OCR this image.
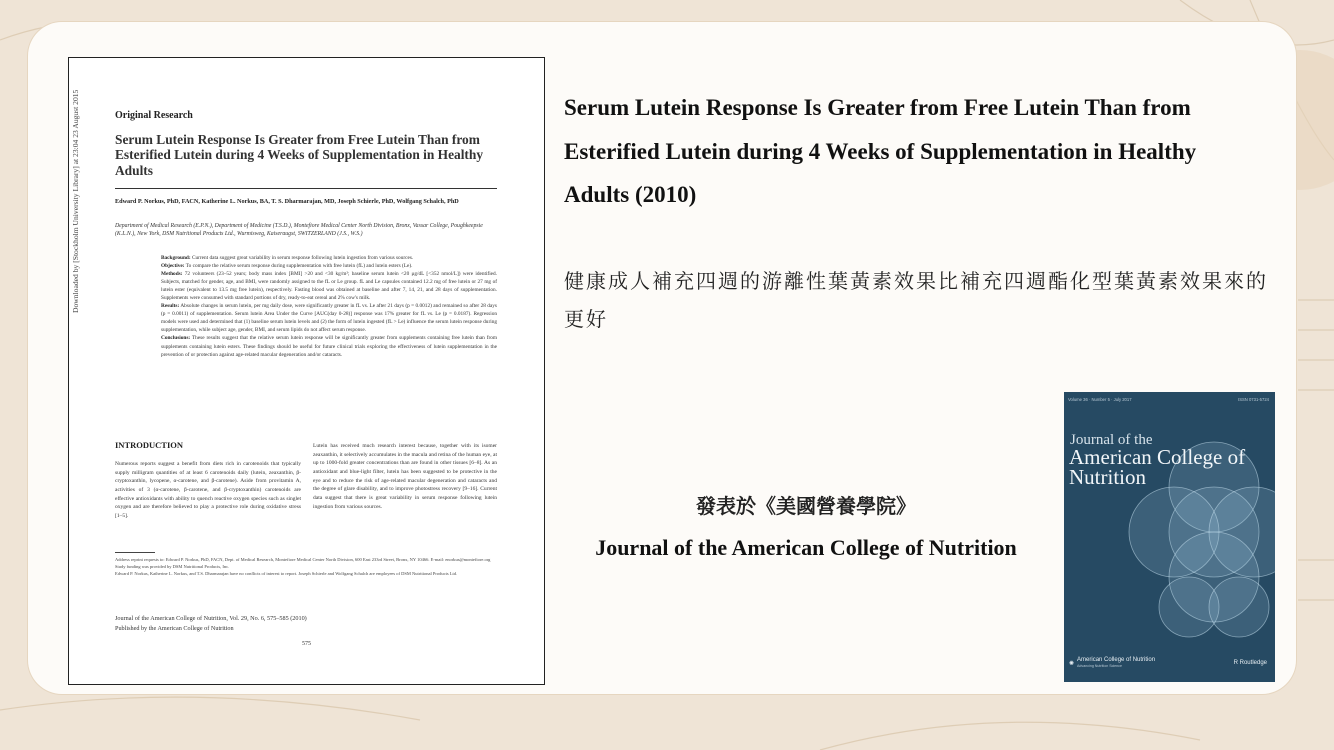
Downloaded by [Stockholm University Library] at 23:04 23 August 2015	Original Research
Serum Lutein Response Is Greater from Free Lutein Than from Esterified Lutein during 4 Weeks of Supplementation in Healthy Adults
Edward P. Norkus, PhD, FACN, Katherine L. Norkus, BA, T. S. Dharmarajan, MD, Joseph Schierle, PhD, Wolfgang Schalch, PhD
Department of Medical Research (E.P.N.), Department of Medicine (T.S.D.), Montefiore Medical Center North Division, Bronx, Vassar College, Poughkeepsie (K.L.N.), New York, DSM Nutritional Products Ltd., Wurmisweg, Kaiseraugst, SWITZERLAND (J.S., W.S.)

Background: Current data suggest great variability in serum response following lutein ingestion from various sources.

Objective: To compare the relative serum response during supplementation with free lutein (fL) and lutein esters (Le).

Methods: 72 volunteers (23–52 years; body mass index [BMI] >20 and <30 kg/m²; baseline serum lutein <20 μg/dL [<352 nmol/L]) were identified. Subjects, matched for gender, age, and BMI, were randomly assigned to the fL or Le group. fL and Le capsules contained 12.2 mg of free lutein or 27 mg of lutein ester (equivalent to 13.5 mg free lutein), respectively. Fasting blood was obtained at baseline and after 7, 14, 21, and 28 days of supplementation. Supplements were consumed with standard portions of dry, ready-to-eat cereal and 2% cow's milk.

Results: Absolute changes in serum lutein, per mg daily dose, were significantly greater in fL vs. Le after 21 days (p = 0.0012) and remained so after 28 days (p = 0.0011) of supplementation. Serum lutein Area Under the Curve [AUC(day 0-28)] response was 17% greater for fL vs. Le (p = 0.0187). Regression models were used and determined that (1) baseline serum lutein levels and (2) the form of lutein ingested (fL > Le) influence the serum lutein response during supplementation, while subject age, gender, BMI, and serum lipids do not affect serum response.

Conclusions: These results suggest that the relative serum lutein response will be significantly greater from supplements containing free lutein than from supplements containing lutein esters. These findings should be useful for future clinical trials exploring the effectiveness of lutein supplementation in the prevention of or protection against age-related macular degeneration and/or cataracts.

INTRODUCTION
Numerous reports suggest a benefit from diets rich in carotenoids that typically supply milligram quantities of at least 6 carotenoids daily (lutein, zeaxanthin, β-cryptoxanthin, lycopene, α-carotene, and β-carotene). Aside from provitamin A, activities of 3 (α-carotene, β-carotene, and β-cryptoxanthin) carotenoids are effective antioxidants with ability to quench reactive oxygen species such as singlet oxygen and are therefore believed to play a protective role during oxidative stress [1–5].
Lutein has received much research interest because, together with its isomer zeaxanthin, it selectively accumulates in the macula and retina of the human eye, at up to 1000-fold greater concentrations than are found in other tissues [6–8]. As an antioxidant and blue-light filter, lutein has been suggested to be protective in the eye and to reduce the risk of age-related macular degeneration and cataracts and the degree of glare disability, and to improve photostress recovery [9–16]. Current data suggest that there is great variability in serum response following lutein ingestion from various sources.
Address reprint requests to: Edward P. Norkus, PhD, FACN, Dept. of Medical Research, Montefiore Medical Center North Division, 600 East 233rd Street, Bronx, NY 10466. E-mail: enorkus@montefiore.org
Study funding was provided by DSM Nutritional Products, Inc.
Edward P. Norkus, Katherine L. Norkus, and T.S. Dharmarajan have no conflicts of interest to report. Joseph Schierle and Wolfgang Schalch are employees of DSM Nutritional Products Ltd.
Journal of the American College of Nutrition, Vol. 29, No. 6, 575–585 (2010)
Published by the American College of Nutrition
575

Serum Lutein Response Is Greater from Free Lutein Than from Esterified Lutein during 4 Weeks of Supplementation in Healthy Adults (2010)

健康成人補充四週的游離性葉黃素效果比補充四週酯化型葉黃素效果來的更好

發表於《美國營養學院》
Journal of the American College of Nutrition
Volume 36 · Number 5 · July 2017	ISSN 0731-5724
Journal of the
American College of Nutrition
✺
American College of Nutrition
Advancing Nutrition Science	R Routledge
